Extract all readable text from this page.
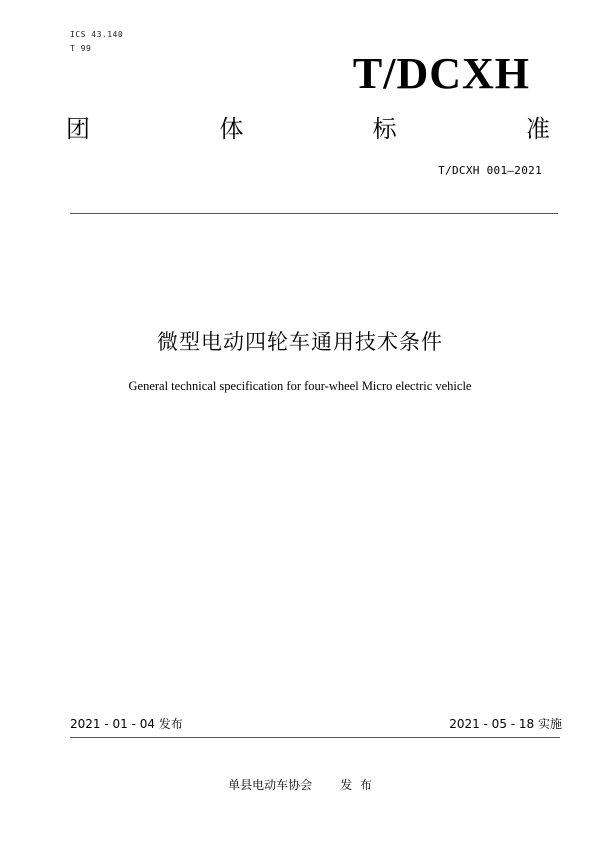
ICS 43.140
T 99
T/DCXH
团	体	标	准
T/DCXH 001—2021
微型电动四轮车通用技术条件
General technical specification for four-wheel Micro electric vehicle
2021 - 01 - 04 发布	2021 - 05 - 18 实施
单县电动车协会 发  布
